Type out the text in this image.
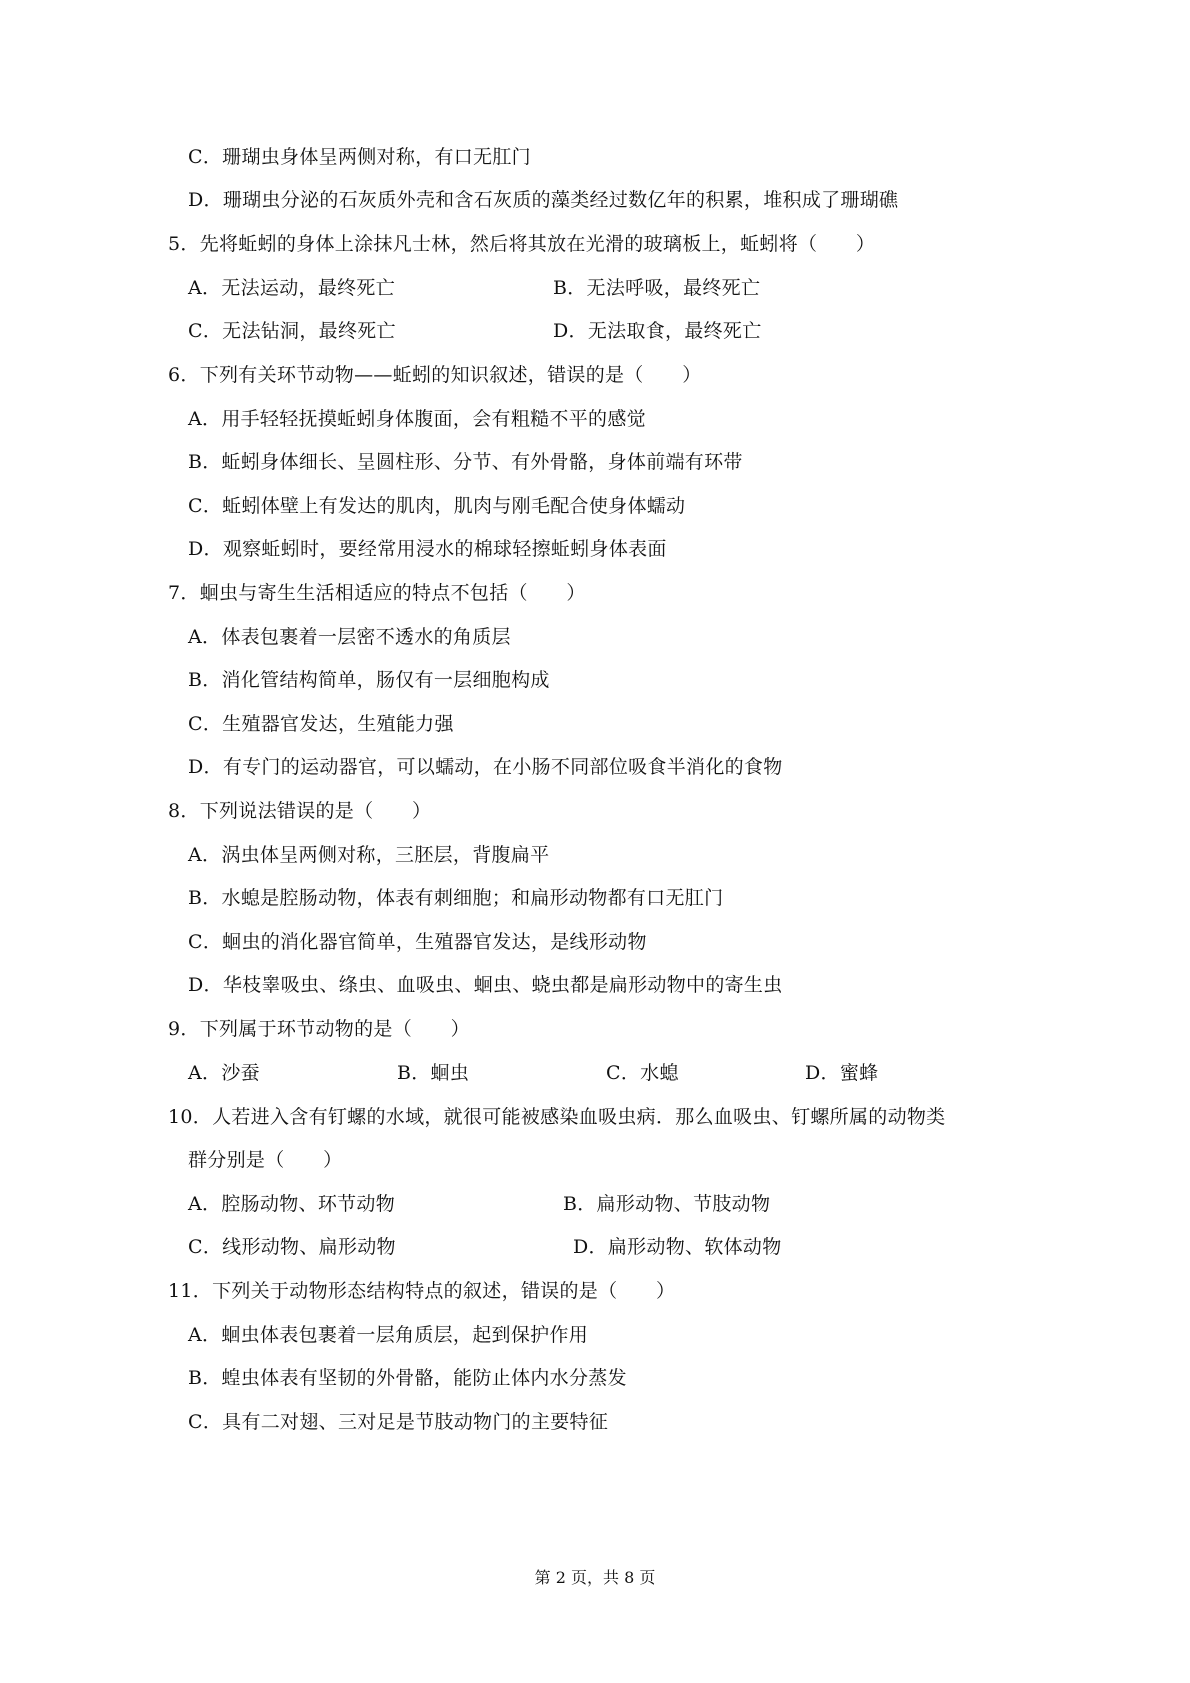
C．珊瑚虫身体呈两侧对称，有口无肛门
D．珊瑚虫分泌的石灰质外壳和含石灰质的藻类经过数亿年的积累，堆积成了珊瑚礁
5．先将蚯蚓的身体上涂抹凡士林，然后将其放在光滑的玻璃板上，蚯蚓将（　　）
A．无法运动，最终死亡	B．无法呼吸，最终死亡
C．无法钻洞，最终死亡	D．无法取食，最终死亡
6．下列有关环节动物——蚯蚓的知识叙述，错误的是（　　）
A．用手轻轻抚摸蚯蚓身体腹面，会有粗糙不平的感觉
B．蚯蚓身体细长、呈圆柱形、分节、有外骨骼，身体前端有环带
C．蚯蚓体壁上有发达的肌肉，肌肉与刚毛配合使身体蠕动
D．观察蚯蚓时，要经常用浸水的棉球轻擦蚯蚓身体表面
7．蛔虫与寄生生活相适应的特点不包括（　　）
A．体表包裹着一层密不透水的角质层
B．消化管结构简单，肠仅有一层细胞构成
C．生殖器官发达，生殖能力强
D．有专门的运动器官，可以蠕动，在小肠不同部位吸食半消化的食物
8．下列说法错误的是（　　）
A．涡虫体呈两侧对称，三胚层，背腹扁平
B．水螅是腔肠动物，体表有刺细胞；和扁形动物都有口无肛门
C．蛔虫的消化器官简单，生殖器官发达，是线形动物
D．华枝睾吸虫、绦虫、血吸虫、蛔虫、蛲虫都是扁形动物中的寄生虫
9．下列属于环节动物的是（　　）
A．沙蚕	B．蛔虫	C．水螅	D．蜜蜂
10．人若进入含有钉螺的水域，就很可能被感染血吸虫病．那么血吸虫、钉螺所属的动物类
群分别是（　　）
A．腔肠动物、环节动物	B．扁形动物、节肢动物
C．线形动物、扁形动物	D．扁形动物、软体动物
11．下列关于动物形态结构特点的叙述，错误的是（　　）
A．蛔虫体表包裹着一层角质层，起到保护作用
B．蝗虫体表有坚韧的外骨骼，能防止体内水分蒸发
C．具有二对翅、三对足是节肢动物门的主要特征
第 2 页，共 8 页
